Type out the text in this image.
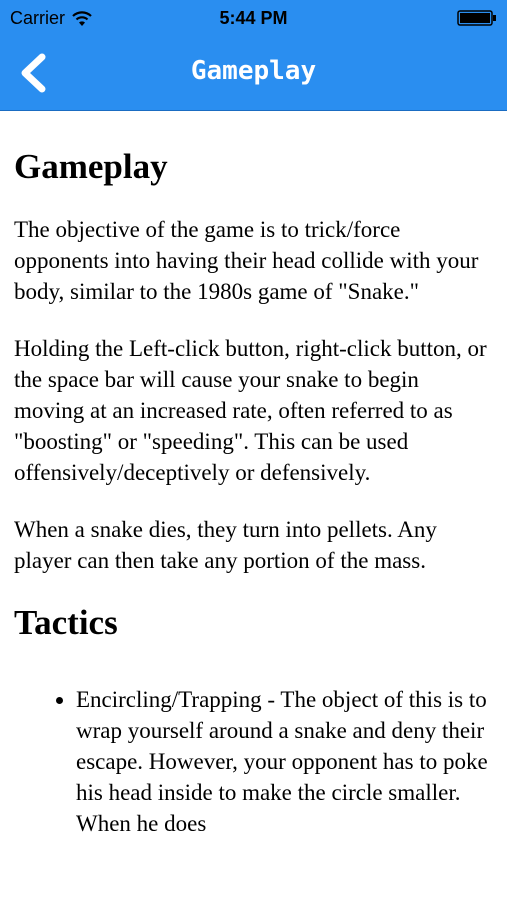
Carrier	5:44 PM
Gameplay
Gameplay

The objective of the game is to trick/force opponents into having their head collide with your body, similar to the 1980s game of "Snake."

Holding the Left-click button, right-click button, or the space bar will cause your snake to begin moving at an increased rate, often referred to as "boosting" or "speeding". This can be used offensively/deceptively or defensively.

When a snake dies, they turn into pellets. Any player can then take any portion of the mass.

Tactics
• Encircling/Trapping - The object of this is to wrap yourself around a snake and deny their escape. However, your opponent has to poke his head inside to make the circle smaller. When he does
